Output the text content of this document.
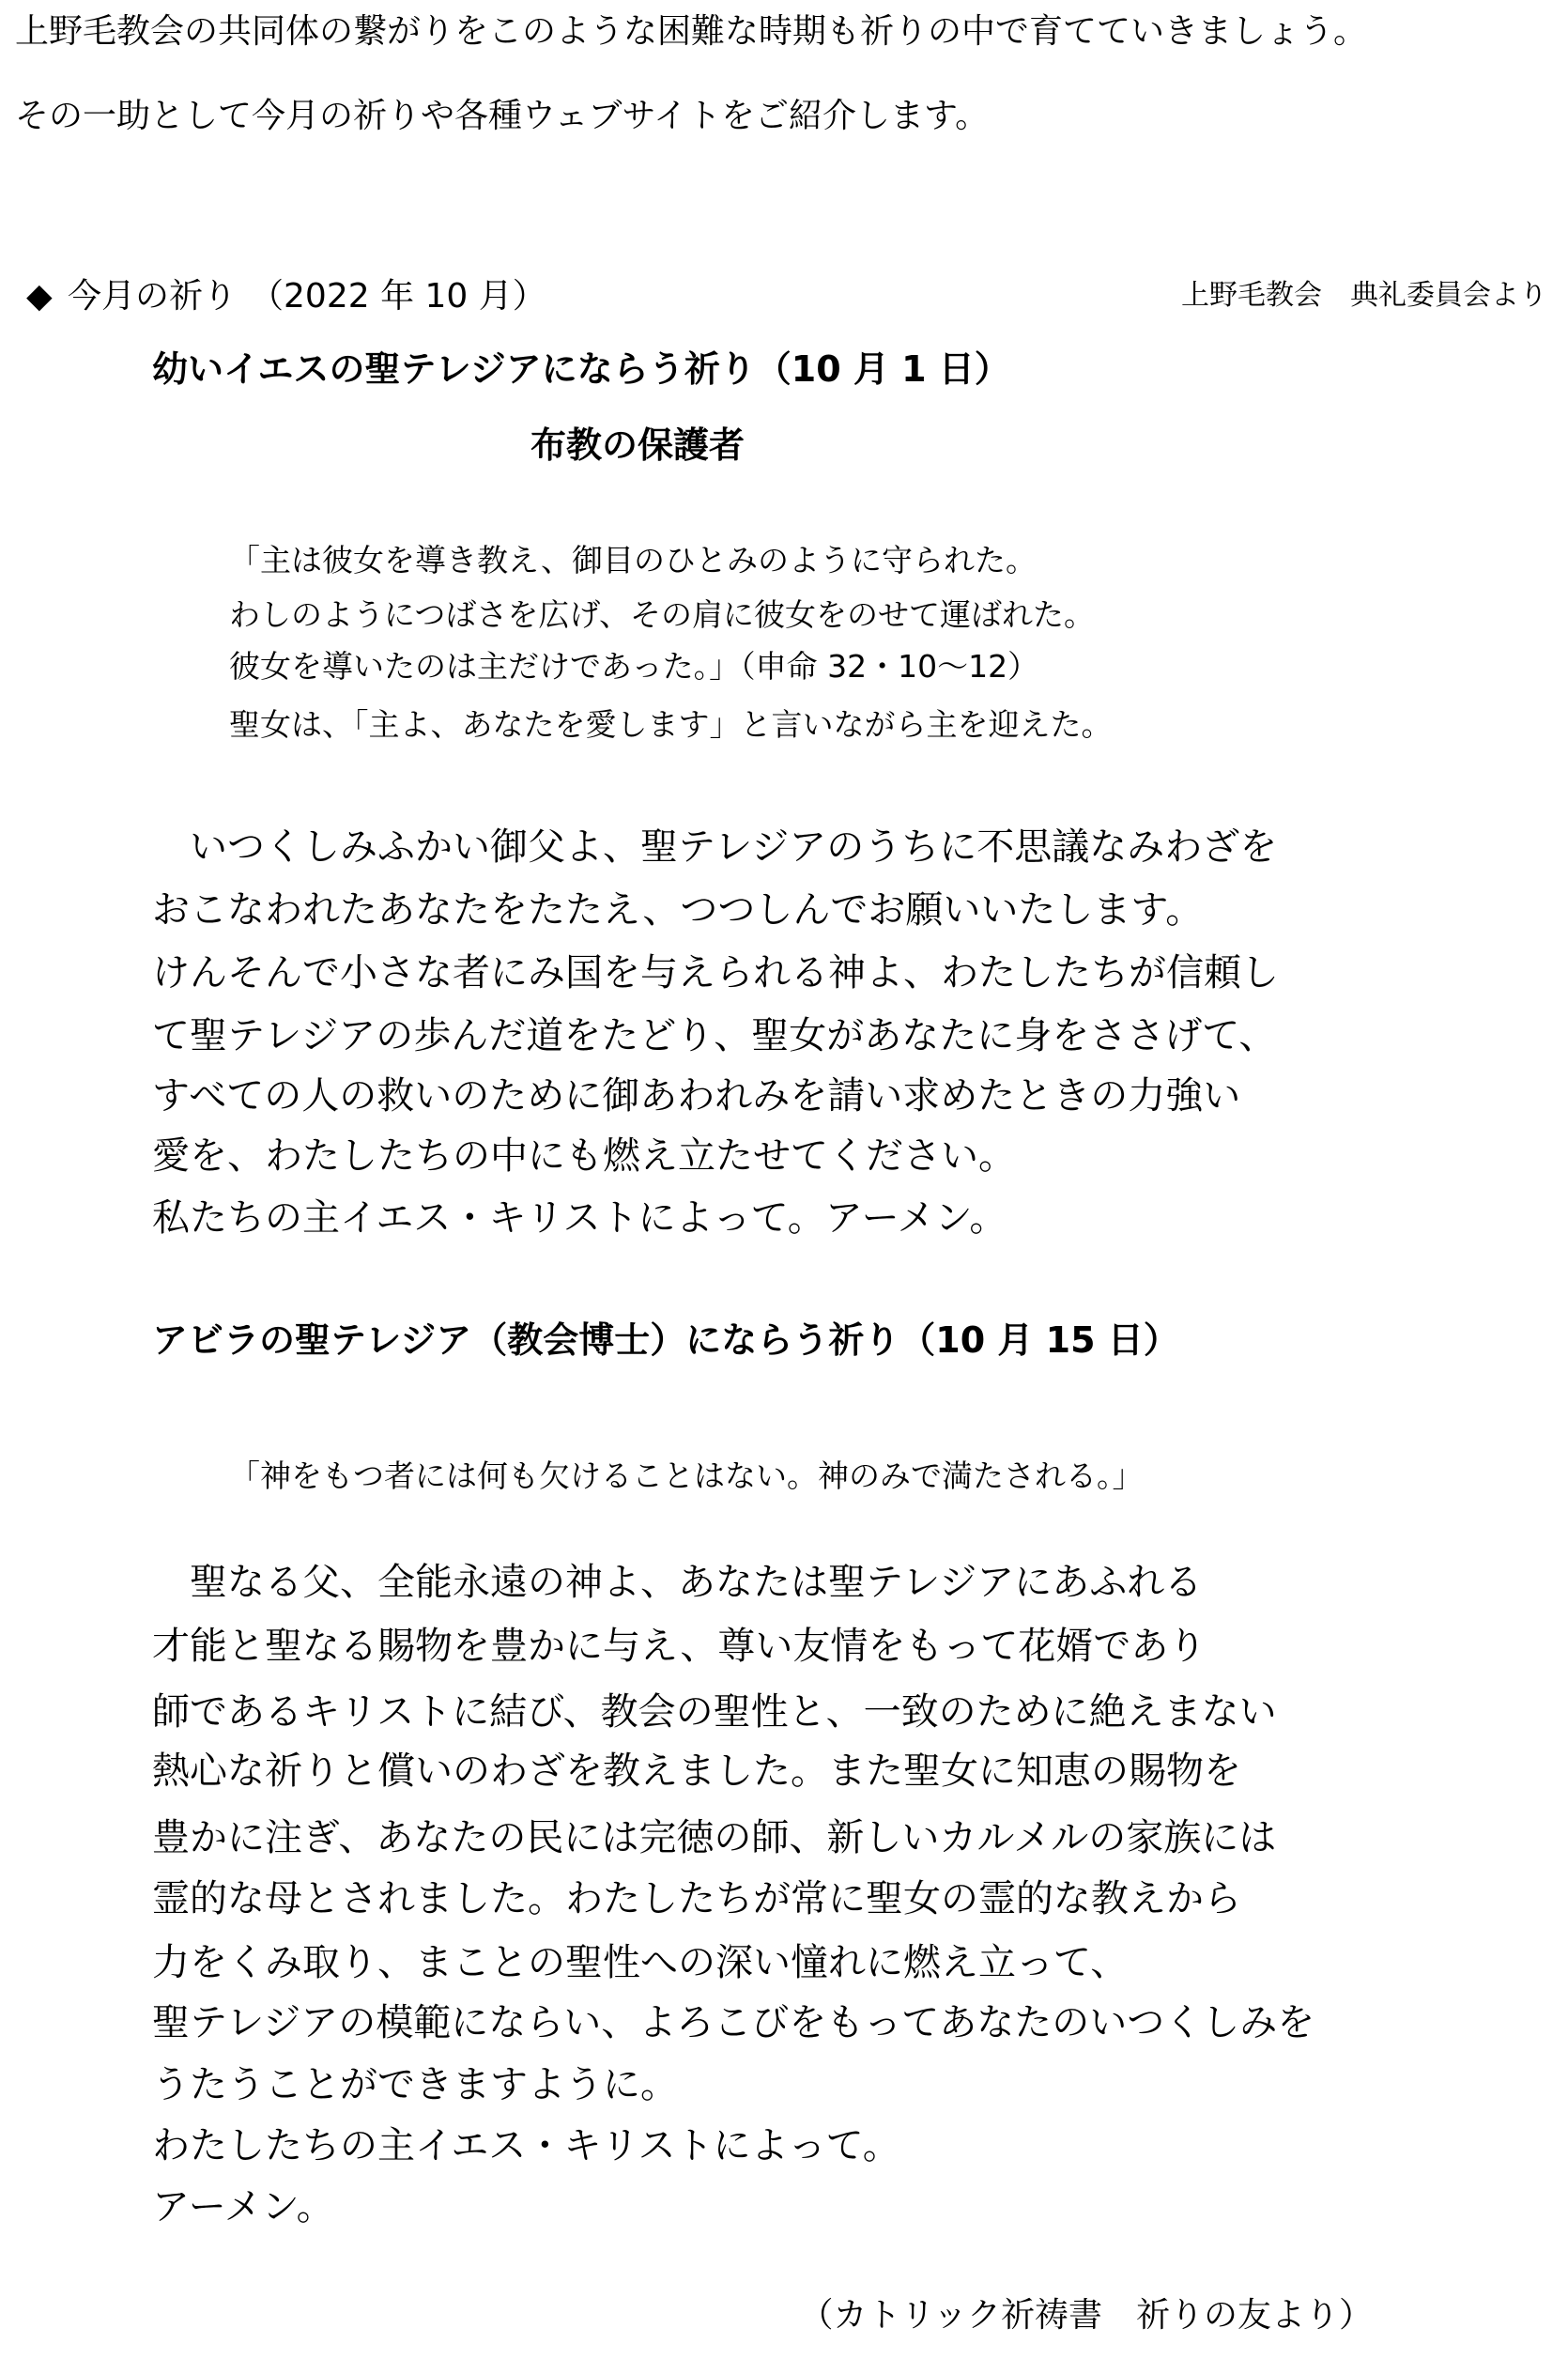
上野毛教会の共同体の繋がりをこのような困難な時期も祈りの中で育てていきましょう。
その一助として今月の祈りや各種ウェブサイトをご紹介します。
◆ 今月の祈り （2022 年 10 月）	上野毛教会　典礼委員会より
幼いイエスの聖テレジアにならう祈り（10 月 1 日）
布教の保護者
「主は彼女を導き教え、御目のひとみのように守られた。
わしのようにつばさを広げ、その肩に彼女をのせて運ばれた。
彼女を導いたのは主だけであった。」（申命 32・10～12）
聖女は、「主よ、あなたを愛します」と言いながら主を迎えた。
　いつくしみふかい御父よ、聖テレジアのうちに不思議なみわざを
おこなわれたあなたをたたえ、つつしんでお願いいたします。
けんそんで小さな者にみ国を与えられる神よ、わたしたちが信頼し
て聖テレジアの歩んだ道をたどり、聖女があなたに身をささげて、
すべての人の救いのために御あわれみを請い求めたときの力強い
愛を、わたしたちの中にも燃え立たせてください。
私たちの主イエス・キリストによって。アーメン。
アビラの聖テレジア（教会博士）にならう祈り（10 月 15 日）
「神をもつ者には何も欠けることはない。神のみで満たされる。」
　聖なる父、全能永遠の神よ、あなたは聖テレジアにあふれる
才能と聖なる賜物を豊かに与え、尊い友情をもって花婿であり
師であるキリストに結び、教会の聖性と、一致のために絶えまない
熱心な祈りと償いのわざを教えました。また聖女に知恵の賜物を
豊かに注ぎ、あなたの民には完徳の師、新しいカルメルの家族には
霊的な母とされました。わたしたちが常に聖女の霊的な教えから
力をくみ取り、まことの聖性への深い憧れに燃え立って、
聖テレジアの模範にならい、よろこびをもってあなたのいつくしみを
うたうことができますように。
わたしたちの主イエス・キリストによって。
アーメン。
（カトリック祈祷書　祈りの友より）
